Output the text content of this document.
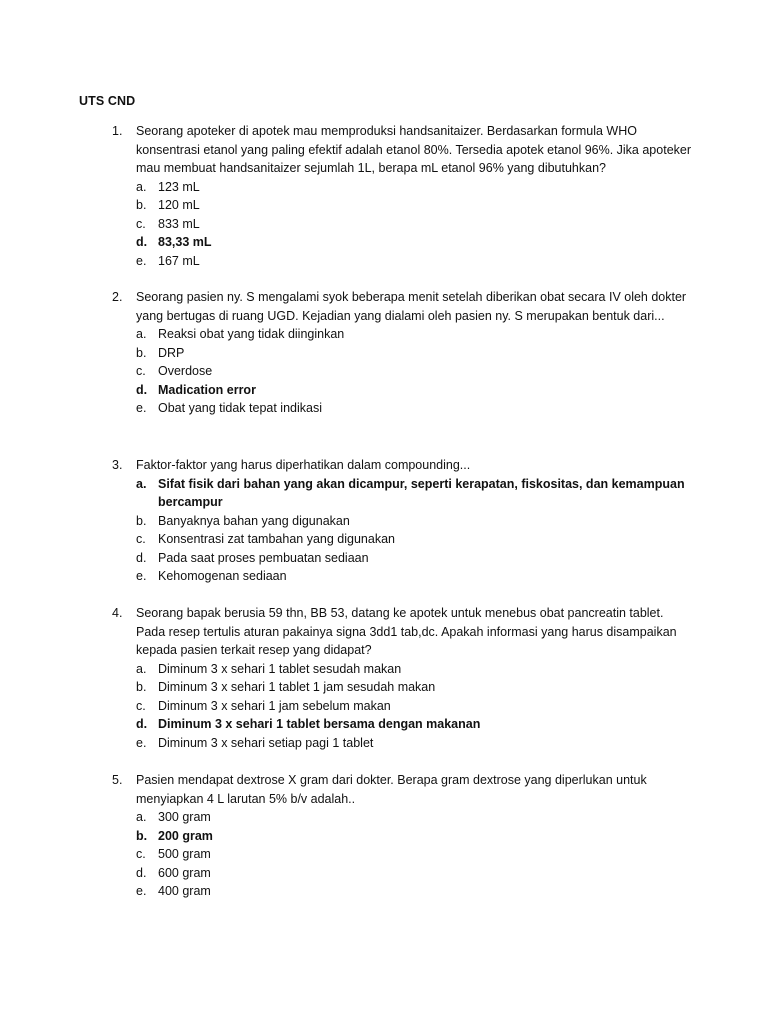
UTS CND
1.	Seorang apoteker di apotek mau memproduksi handsanitaizer. Berdasarkan formula WHO konsentrasi etanol yang paling efektif adalah etanol 80%. Tersedia apotek etanol 96%. Jika apoteker mau membuat handsanitaizer sejumlah 1L, berapa mL etanol 96% yang dibutuhkan?
a. 123 mL
b. 120 mL
c. 833 mL
d. 83,33 mL
e. 167 mL
2.	Seorang pasien ny. S mengalami syok beberapa menit setelah diberikan obat secara IV oleh dokter yang bertugas di ruang UGD. Kejadian yang dialami oleh pasien ny. S merupakan bentuk dari...
a. Reaksi obat yang tidak diinginkan
b. DRP
c. Overdose
d. Madication error
e. Obat yang tidak tepat indikasi
3.	Faktor-faktor yang harus diperhatikan dalam compounding...
a. Sifat fisik dari bahan yang akan dicampur, seperti kerapatan, fiskositas, dan kemampuan bercampur
b. Banyaknya bahan yang digunakan
c. Konsentrasi zat tambahan yang digunakan
d. Pada saat proses pembuatan sediaan
e. Kehomogenan sediaan
4.	Seorang bapak berusia 59 thn, BB 53, datang ke apotek untuk menebus obat pancreatin tablet. Pada resep tertulis aturan pakainya signa 3dd1 tab,dc. Apakah informasi yang harus disampaikan kepada pasien terkait resep yang didapat?
a. Diminum 3 x sehari 1 tablet sesudah makan
b. Diminum 3 x sehari 1 tablet 1 jam sesudah makan
c. Diminum 3 x sehari 1 jam sebelum makan
d. Diminum 3 x sehari 1 tablet bersama dengan makanan
e. Diminum 3 x sehari setiap pagi 1 tablet
5.	Pasien mendapat dextrose X gram dari dokter. Berapa gram dextrose yang diperlukan untuk menyiapkan 4 L larutan 5% b/v adalah..
a. 300 gram
b. 200 gram
c. 500 gram
d. 600 gram
e. 400 gram
